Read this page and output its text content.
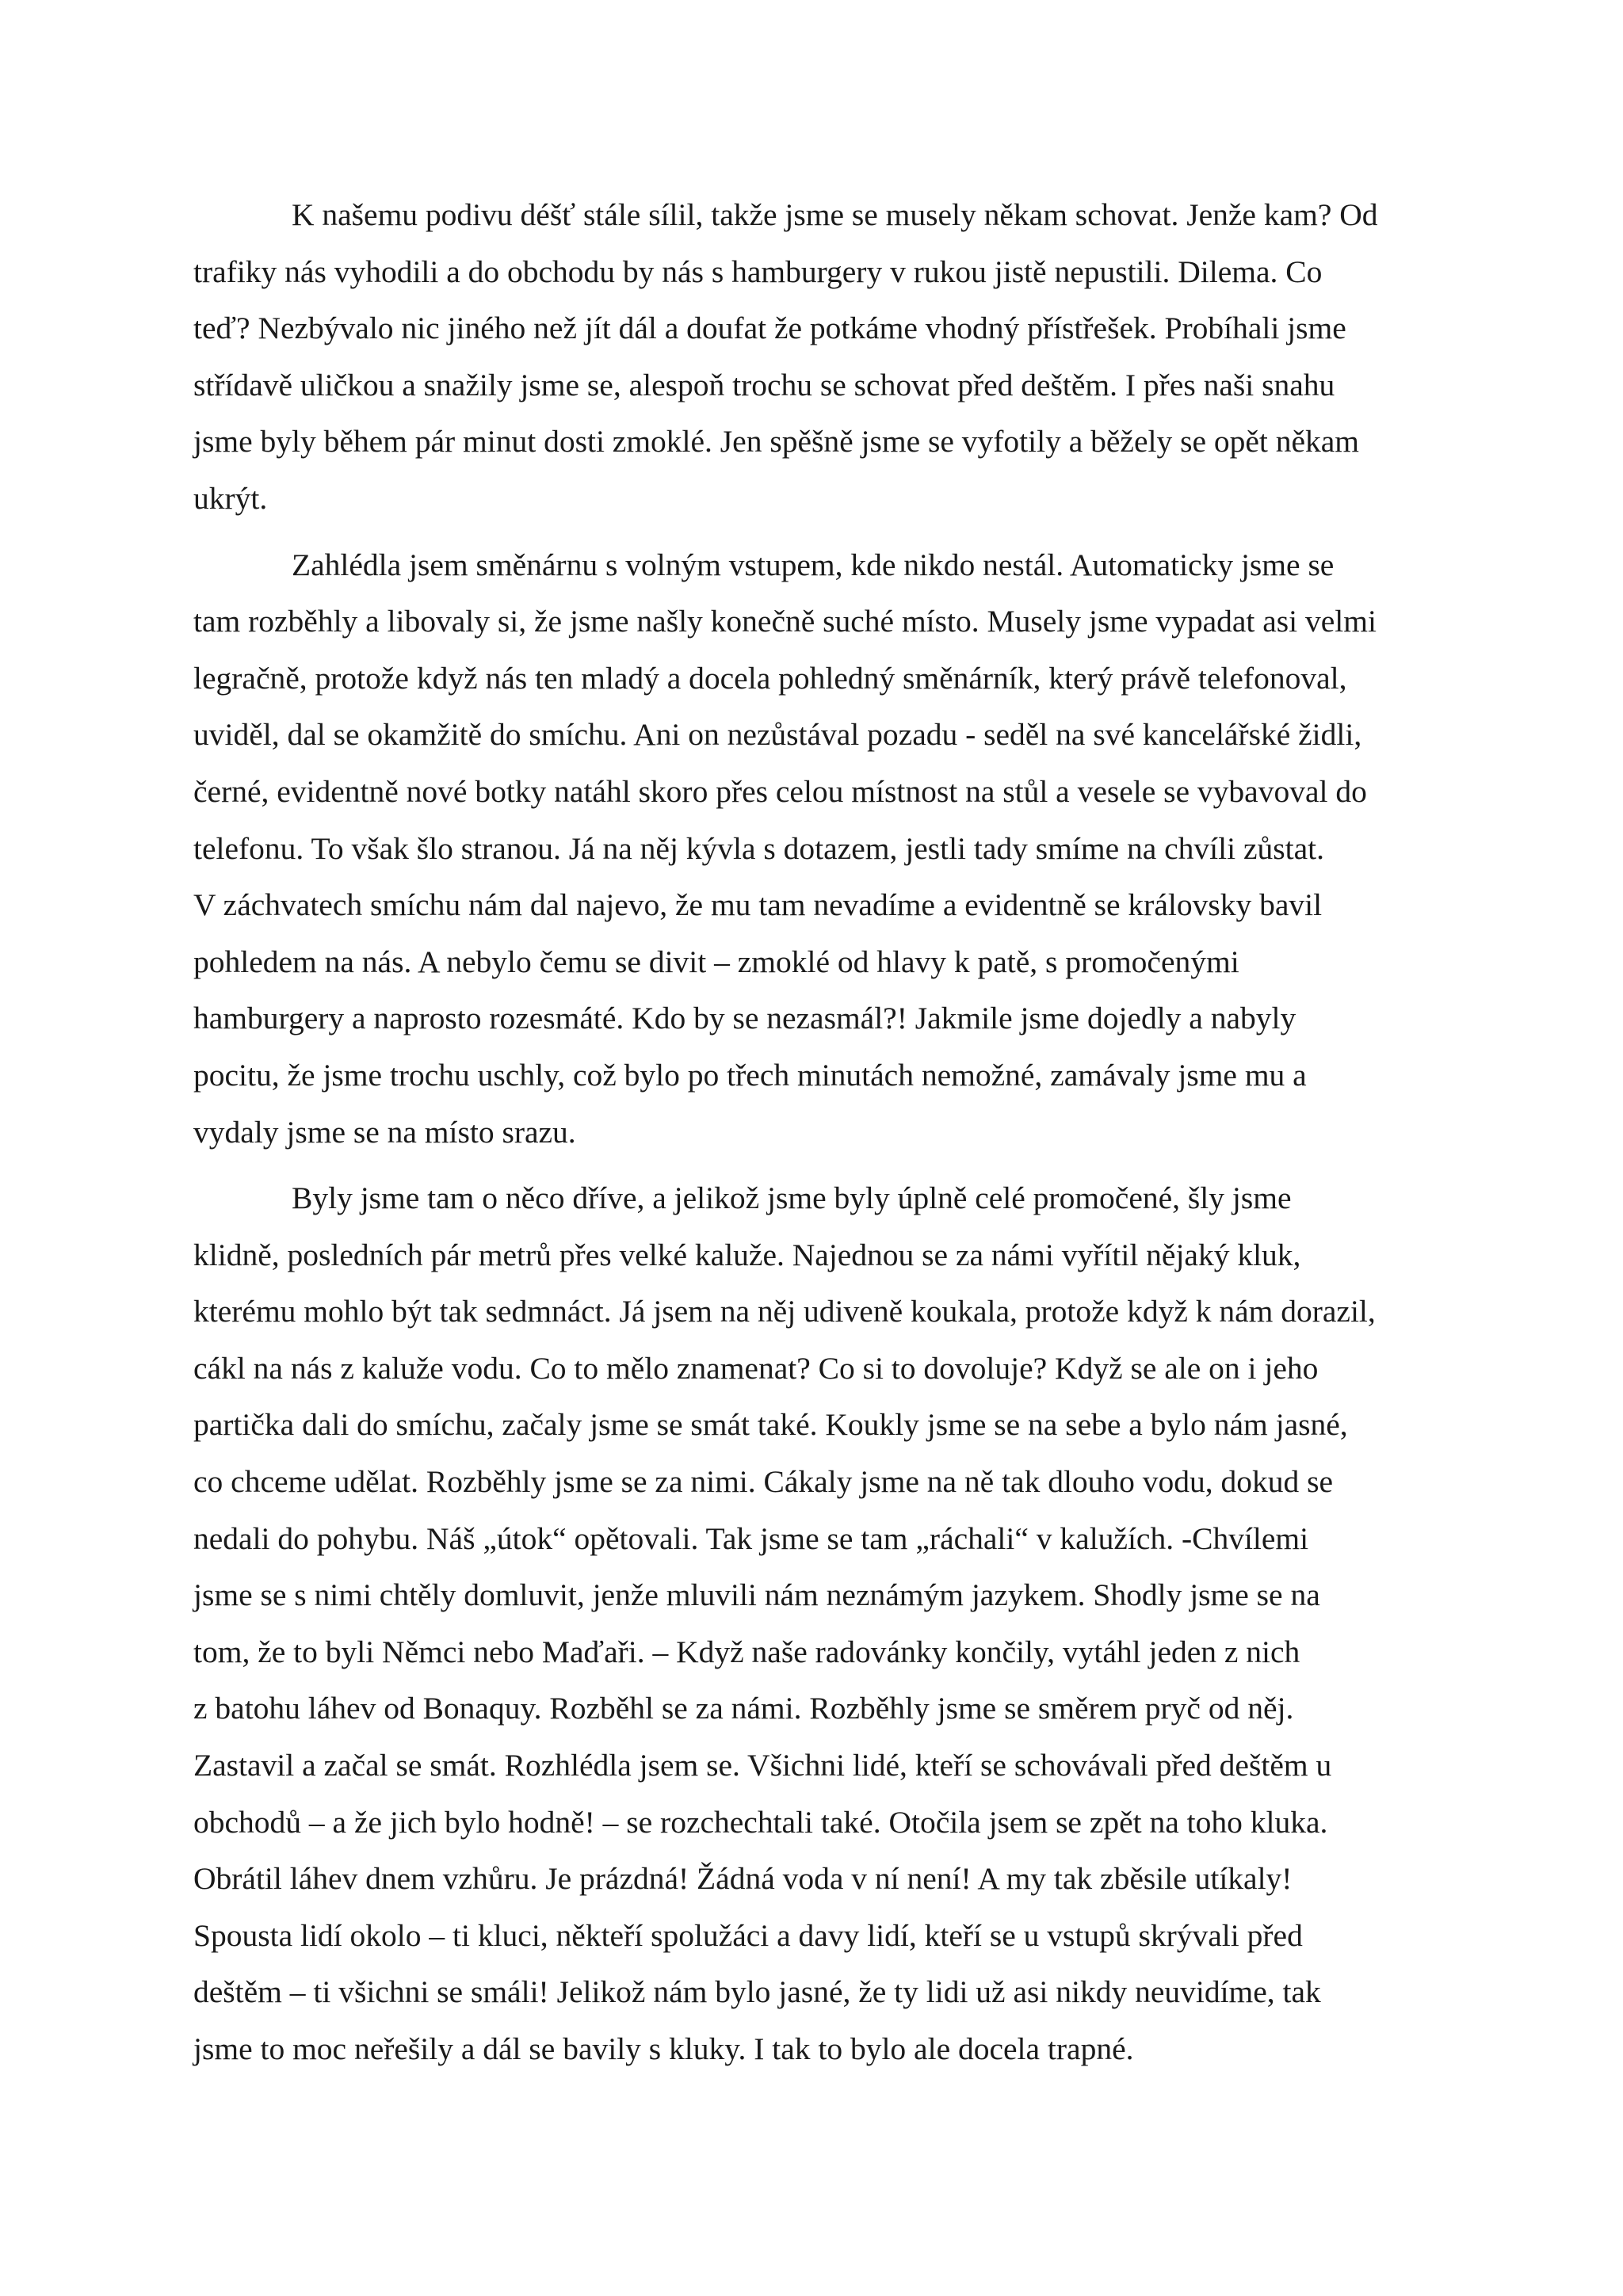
K našemu podivu déšť stále sílil, takže jsme se musely někam schovat. Jenže kam? Od
trafiky nás vyhodili a do obchodu by nás s hamburgery v rukou jistě nepustili. Dilema. Co
teď? Nezbývalo nic jiného než jít dál a doufat že potkáme vhodný přístřešek. Probíhali jsme
střídavě uličkou a snažily jsme se, alespoň trochu se schovat před deštěm. I přes naši snahu
jsme byly během pár minut dosti zmoklé. Jen spěšně jsme se vyfotily a běžely se opět někam
ukrýt.

Zahlédla jsem směnárnu s volným vstupem, kde nikdo nestál. Automaticky jsme se
tam rozběhly a libovaly si, že jsme našly konečně suché místo. Musely jsme vypadat asi velmi
legračně, protože když nás ten mladý a docela pohledný směnárník, který právě telefonoval,
uviděl, dal se okamžitě do smíchu. Ani on nezůstával pozadu - seděl na své kancelářské židli,
černé, evidentně nové botky natáhl skoro přes celou místnost na stůl a vesele se vybavoval do
telefonu. To však šlo stranou. Já na něj kývla s dotazem, jestli tady smíme na chvíli zůstat.
V záchvatech smíchu nám dal najevo, že mu tam nevadíme a evidentně se královsky bavil
pohledem na nás. A nebylo čemu se divit – zmoklé od hlavy k patě, s promočenými
hamburgery a naprosto rozesmáté. Kdo by se nezasmál?! Jakmile jsme dojedly a nabyly
pocitu, že jsme trochu uschly, což bylo po třech minutách nemožné, zamávaly jsme mu a
vydaly jsme se na místo srazu.

Byly jsme tam o něco dříve, a jelikož jsme byly úplně celé promočené, šly jsme
klidně, posledních pár metrů přes velké kaluže. Najednou se za námi vyřítil nějaký kluk,
kterému mohlo být tak sedmnáct. Já jsem na něj udiveně koukala, protože když k nám dorazil,
cákl na nás z kaluže vodu. Co to mělo znamenat? Co si to dovoluje? Když se ale on i jeho
partička dali do smíchu, začaly jsme se smát také. Koukly jsme se na sebe a bylo nám jasné,
co chceme udělat. Rozběhly jsme se za nimi. Cákaly jsme na ně tak dlouho vodu, dokud se
nedali do pohybu. Náš „útok“ opětovali. Tak jsme se tam „ráchali“ v kalužích. -Chvílemi
jsme se s nimi chtěly domluvit, jenže mluvili nám neznámým jazykem. Shodly jsme se na
tom, že to byli Němci nebo Maďaři. – Když naše radovánky končily, vytáhl jeden z nich
z batohu láhev od Bonaquy. Rozběhl se za námi. Rozběhly jsme se směrem pryč od něj.
Zastavil a začal se smát. Rozhlédla jsem se. Všichni lidé, kteří se schovávali před deštěm u
obchodů – a že jich bylo hodně! – se rozchechtali také. Otočila jsem se zpět na toho kluka.
Obrátil láhev dnem vzhůru. Je prázdná! Žádná voda v ní není! A my tak zběsile utíkaly!
Spousta lidí okolo – ti kluci, někteří spolužáci a davy lidí, kteří se u vstupů skrývali před
deštěm – ti všichni se smáli! Jelikož nám bylo jasné, že ty lidi už asi nikdy neuvidíme, tak
jsme to moc neřešily a dál se bavily s kluky. I tak to bylo ale docela trapné.
